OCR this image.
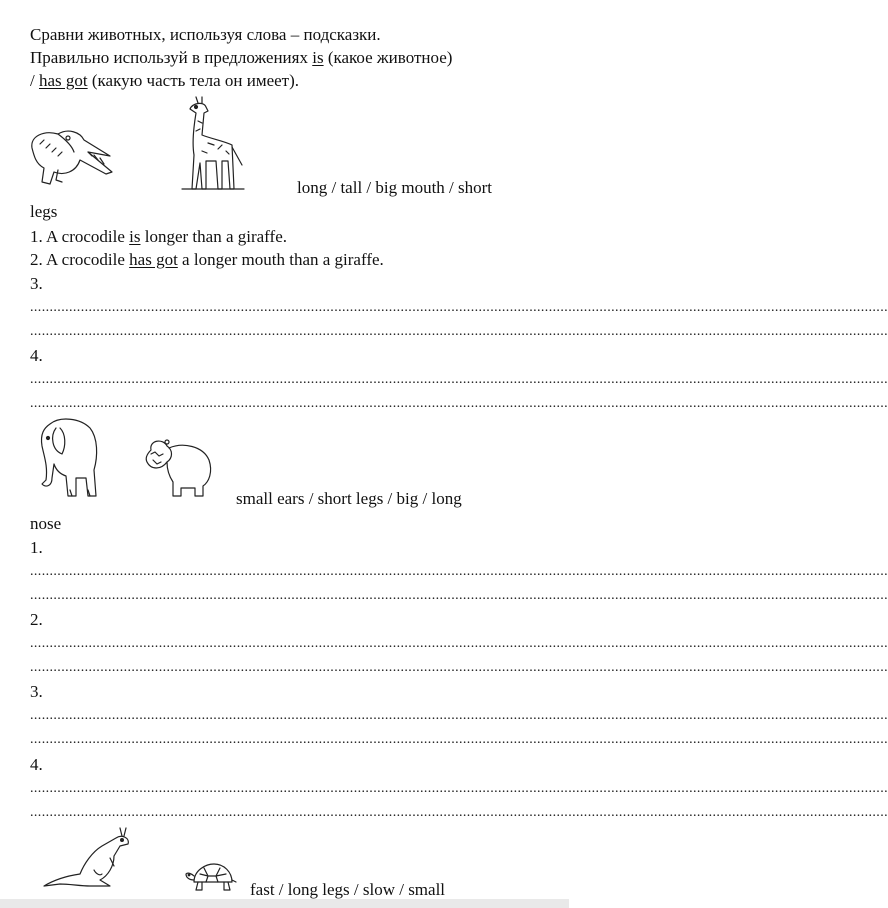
Сравни животных, используя слова – подсказки.
Правильно используй в предложениях is (какое животное)
/ has got (какую часть тела он имеет).
long / tall / big mouth / short
legs
1. A crocodile is longer than a giraffe.
2. A crocodile has got a longer mouth than a giraffe.
3.
............................................................................................................................................................................................................................
............................................................................................................................................................................................................................
4.
............................................................................................................................................................................................................................
............................................................................................................................................................................................................................
small ears / short legs / big / long
nose
1.
............................................................................................................................................................................................................................
............................................................................................................................................................................................................................
2.
............................................................................................................................................................................................................................
............................................................................................................................................................................................................................
3.
............................................................................................................................................................................................................................
............................................................................................................................................................................................................................
4.
............................................................................................................................................................................................................................
............................................................................................................................................................................................................................
fast / long legs / slow / small
